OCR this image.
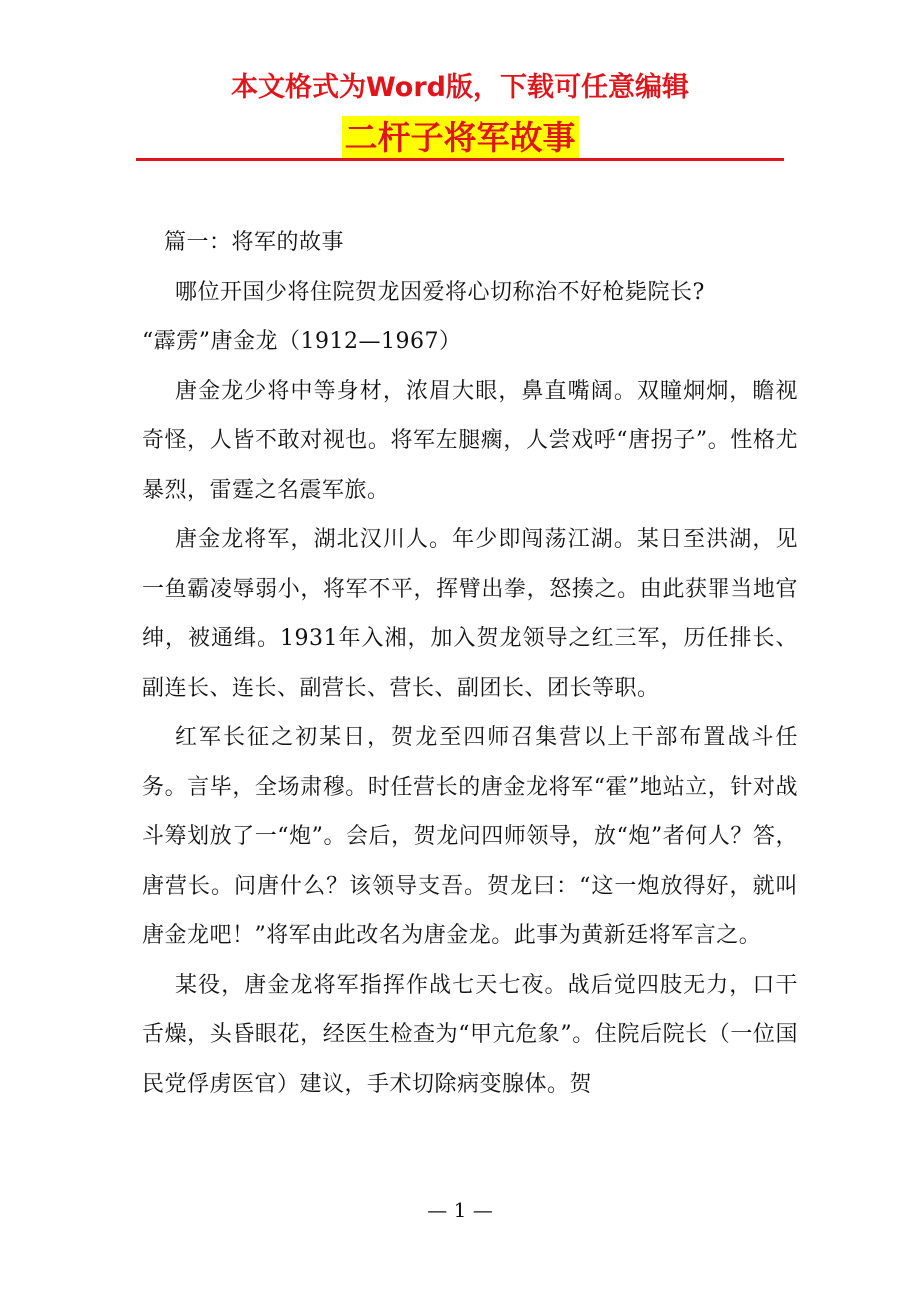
本文格式为Word版，下载可任意编辑
二杆子将军故事

篇一：将军的故事

哪位开国少将住院贺龙因爱将心切称治不好枪毙院长?

“霹雳”唐金龙（1912—1967）

唐金龙少将中等身材，浓眉大眼，鼻直嘴阔。双瞳炯炯，瞻视奇怪，人皆不敢对视也。将军左腿瘸，人尝戏呼“唐拐子”。性格尤暴烈，雷霆之名震军旅。

唐金龙将军，湖北汉川人。年少即闯荡江湖。某日至洪湖，见一鱼霸凌辱弱小，将军不平，挥臂出拳，怒揍之。由此获罪当地官绅，被通缉。1931年入湘，加入贺龙领导之红三军，历任排长、副连长、连长、副营长、营长、副团长、团长等职。

红军长征之初某日，贺龙至四师召集营以上干部布置战斗任务。言毕，全场肃穆。时任营长的唐金龙将军“霍”地站立，针对战斗筹划放了一“炮”。会后，贺龙问四师领导，放“炮”者何人？答，唐营长。问唐什么？该领导支吾。贺龙曰：“这一炮放得好，就叫唐金龙吧！”将军由此改名为唐金龙。此事为黄新廷将军言之。

某役，唐金龙将军指挥作战七天七夜。战后觉四肢无力，口干舌燥，头昏眼花，经医生检查为“甲亢危象”。住院后院长（一位国民党俘虏医官）建议，手术切除病变腺体。贺

— 1 —
